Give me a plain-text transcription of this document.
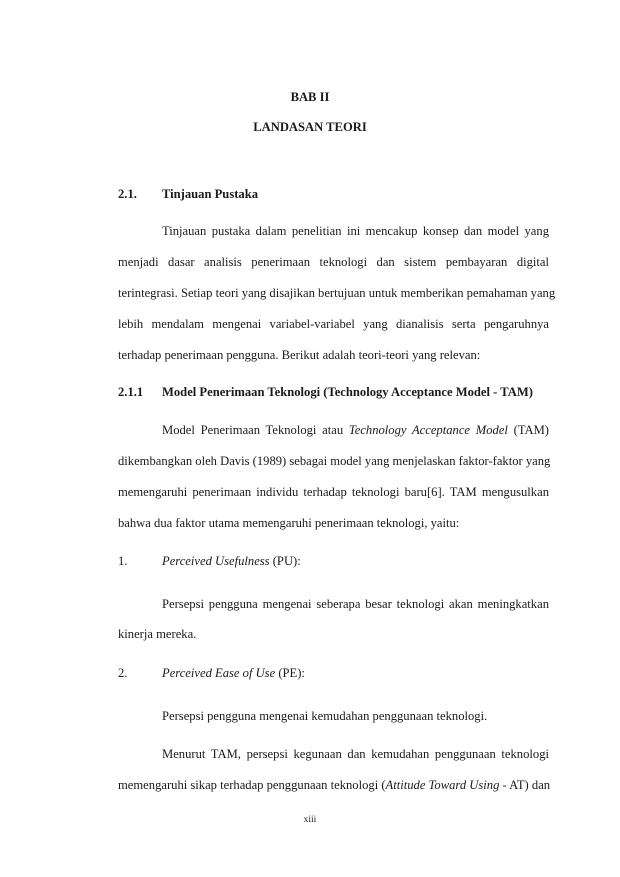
BAB II
LANDASAN TEORI
2.1. Tinjauan Pustaka
Tinjauan pustaka dalam penelitian ini mencakup konsep dan model yang
menjadi dasar analisis penerimaan teknologi dan sistem pembayaran digital
terintegrasi. Setiap teori yang disajikan bertujuan untuk memberikan pemahaman yang
lebih mendalam mengenai variabel-variabel yang dianalisis serta pengaruhnya
terhadap penerimaan pengguna. Berikut adalah teori-teori yang relevan:
2.1.1 Model Penerimaan Teknologi (Technology Acceptance Model - TAM)
Model Penerimaan Teknologi atau Technology Acceptance Model (TAM)
dikembangkan oleh Davis (1989) sebagai model yang menjelaskan faktor-faktor yang
memengaruhi penerimaan individu terhadap teknologi baru[6]. TAM mengusulkan
bahwa dua faktor utama memengaruhi penerimaan teknologi, yaitu:
1.	Perceived Usefulness (PU):
Persepsi pengguna mengenai seberapa besar teknologi akan meningkatkan
kinerja mereka.
2.	Perceived Ease of Use (PE):
Persepsi pengguna mengenai kemudahan penggunaan teknologi.
Menurut TAM, persepsi kegunaan dan kemudahan penggunaan teknologi
memengaruhi sikap terhadap penggunaan teknologi (Attitude Toward Using - AT) dan
xiii
